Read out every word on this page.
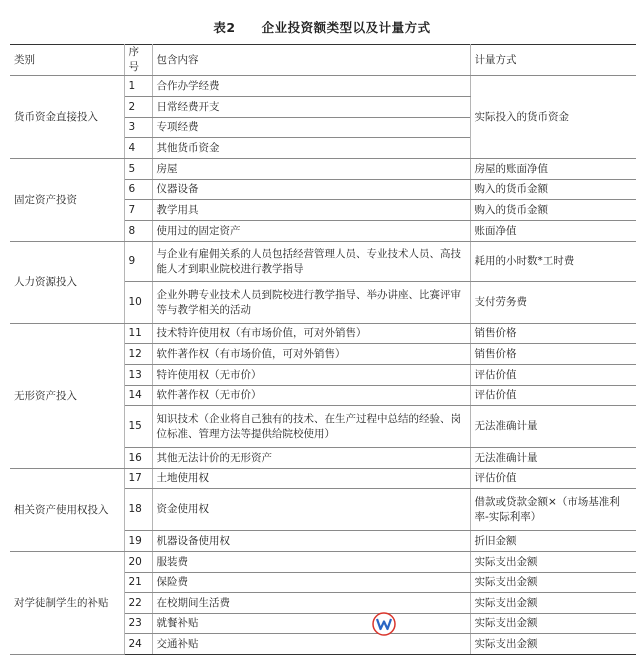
表2　　企业投资额类型以及计量方式
类别	序号	包含内容	计量方式
货币资金直接投入	1	合作办学经费	实际投入的货币资金
	2	日常经费开支	
	3	专项经费	
	4	其他货币资金	
固定资产投资	5	房屋	房屋的账面净值
	6	仪器设备	购入的货币金额
	7	教学用具	购入的货币金额
	8	使用过的固定资产	账面净值
人力资源投入	9	与企业有雇佣关系的人员包括经营管理人员、专业技术人员、高技能人才到职业院校进行教学指导	耗用的小时数*工时费
	10	企业外聘专业技术人员到院校进行教学指导、举办讲座、比赛评审等与教学相关的活动	支付劳务费
无形资产投入	11	技术特许使用权（有市场价值，可对外销售）	销售价格
	12	软件著作权（有市场价值，可对外销售）	销售价格
	13	特许使用权（无市价）	评估价值
	14	软件著作权（无市价）	评估价值
	15	知识技术（企业将自己独有的技术、在生产过程中总结的经验、岗位标准、管理方法等提供给院校使用）	无法准确计量
	16	其他无法计价的无形资产	无法准确计量
相关资产使用权投入	17	土地使用权	评估价值
	18	资金使用权	借款或贷款金额×（市场基准利率-实际利率）
	19	机器设备使用权	折旧金额
对学徒制学生的补贴	20	服装费	实际支出金额
	21	保险费	实际支出金额
	22	在校期间生活费	实际支出金额
	23	就餐补贴	实际支出金额
	24	交通补贴	实际支出金额
